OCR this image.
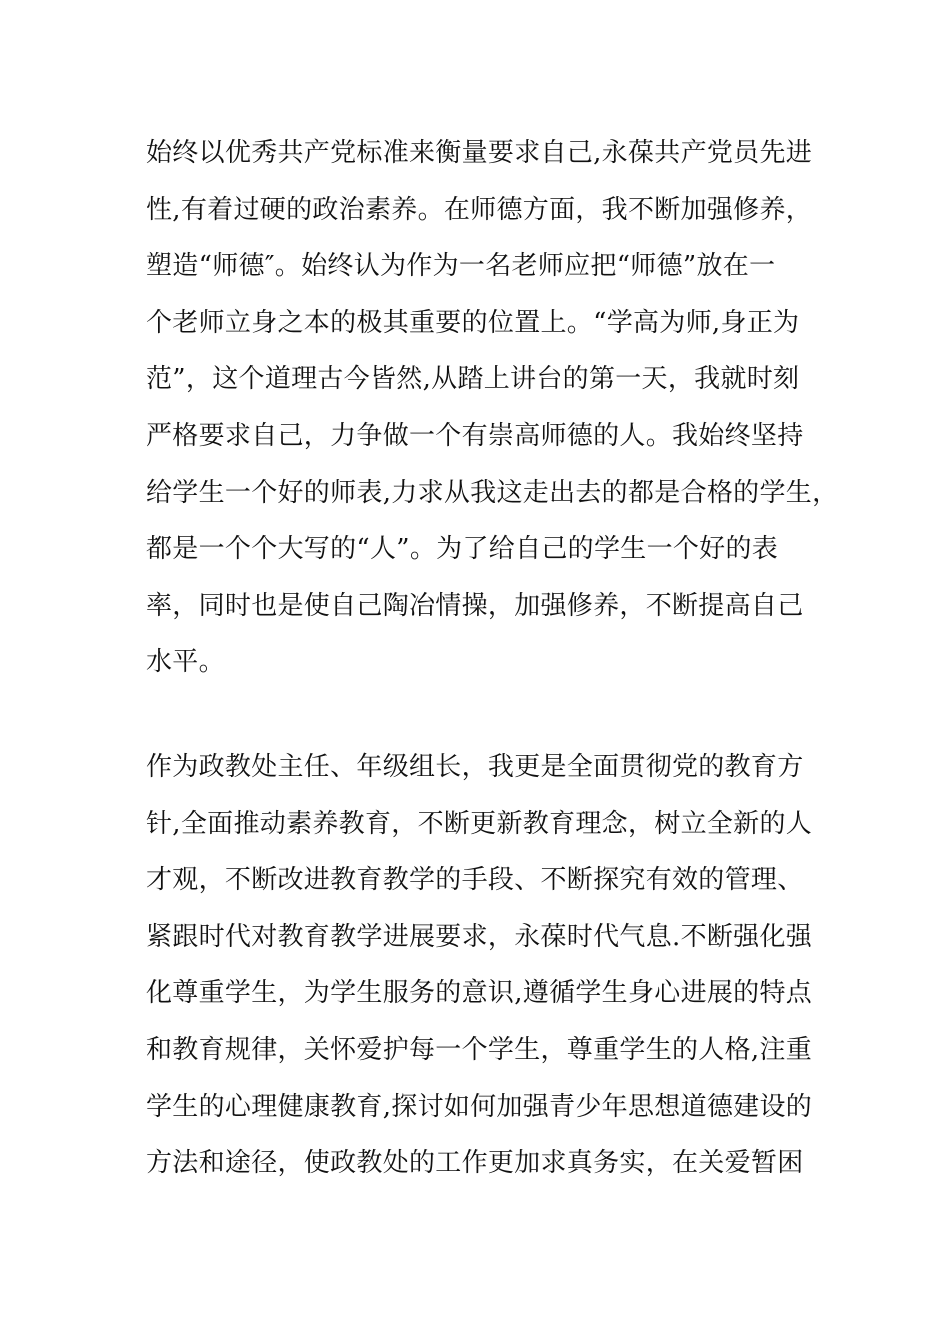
始终以优秀共产党标准来衡量要求自己,永葆共产党员先进
性,有着过硬的政治素养。在师德方面，我不断加强修养，
塑造“师德″。始终认为作为一名老师应把“师德”放在一
个老师立身之本的极其重要的位置上。“学高为师,身正为
范”，这个道理古今皆然,从踏上讲台的第一天，我就时刻
严格要求自己，力争做一个有崇高师德的人。我始终坚持
给学生一个好的师表,力求从我这走出去的都是合格的学生，
都是一个个大写的“人”。为了给自己的学生一个好的表
率，同时也是使自己陶冶情操，加强修养，不断提高自己
水平。
作为政教处主任、年级组长，我更是全面贯彻党的教育方
针,全面推动素养教育，不断更新教育理念，树立全新的人
才观，不断改进教育教学的手段、不断探究有效的管理、
紧跟时代对教育教学进展要求，永葆时代气息.不断强化强
化尊重学生，为学生服务的意识,遵循学生身心进展的特点
和教育规律，关怀爱护每一个学生，尊重学生的人格,注重
学生的心理健康教育,探讨如何加强青少年思想道德建设的
方法和途径，使政教处的工作更加求真务实，在关爱暂困
